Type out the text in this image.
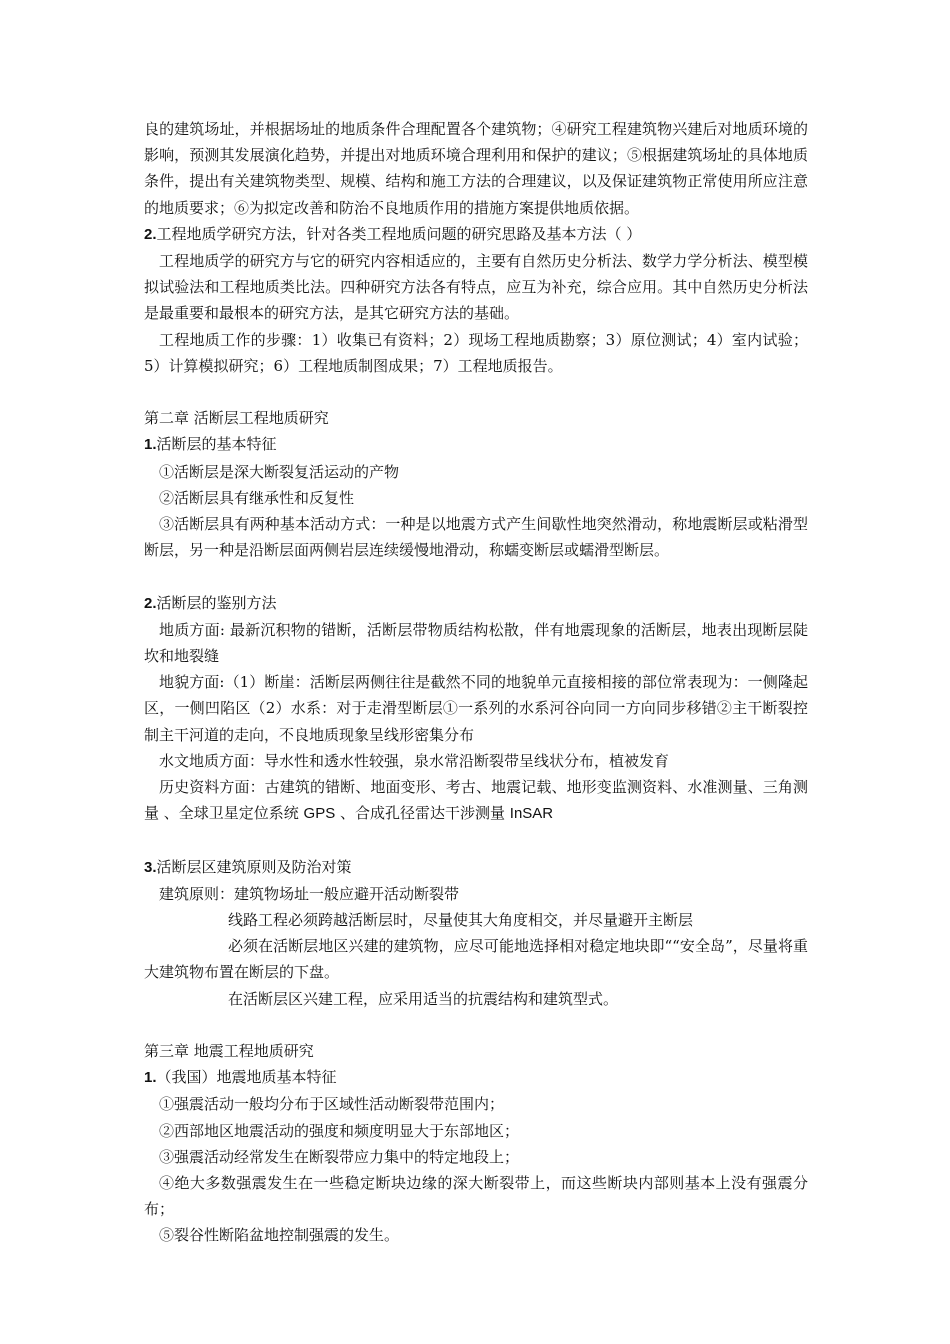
良的建筑场址，并根据场址的地质条件合理配置各个建筑物；④研究工程建筑物兴建后对地质环境的影响，预测其发展演化趋势，并提出对地质环境合理利用和保护的建议；⑤根据建筑场址的具体地质条件，提出有关建筑物类型、规模、结构和施工方法的合理建议，以及保证建筑物正常使用所应注意的地质要求；⑥为拟定改善和防治不良地质作用的措施方案提供地质依据。

2.工程地质学研究方法，针对各类工程地质问题的研究思路及基本方法（ ）

工程地质学的研究方与它的研究内容相适应的，主要有自然历史分析法、数学力学分析法、模型模拟试验法和工程地质类比法。四种研究方法各有特点，应互为补充，综合应用。其中自然历史分析法是最重要和最根本的研究方法，是其它研究方法的基础。

工程地质工作的步骤：1）收集已有资料；2）现场工程地质勘察；3）原位测试；4）室内试验；5）计算模拟研究；6）工程地质制图成果；7）工程地质报告。

第二章 活断层工程地质研究

1.活断层的基本特征

①活断层是深大断裂复活运动的产物

②活断层具有继承性和反复性

③活断层具有两种基本活动方式：一种是以地震方式产生间歇性地突然滑动，称地震断层或粘滑型断层，另一种是沿断层面两侧岩层连续缓慢地滑动，称蠕变断层或蠕滑型断层。

2.活断层的鉴别方法

地质方面: 最新沉积物的错断，活断层带物质结构松散，伴有地震现象的活断层，地表出现断层陡坎和地裂缝

地貌方面:（1）断崖：活断层两侧往往是截然不同的地貌单元直接相接的部位常表现为：一侧隆起区，一侧凹陷区（2）水系：对于走滑型断层①一系列的水系河谷向同一方向同步移错②主干断裂控制主干河道的走向，不良地质现象呈线形密集分布

水文地质方面：导水性和透水性较强，泉水常沿断裂带呈线状分布，植被发育

历史资料方面：古建筑的错断、地面变形、考古、地震记载、地形变监测资料、水准测量、三角测量 、全球卫星定位系统 GPS 、合成孔径雷达干涉测量 InSAR

3.活断层区建筑原则及防治对策

建筑原则：建筑物场址一般应避开活动断裂带

线路工程必须跨越活断层时，尽量使其大角度相交，并尽量避开主断层

必须在活断层地区兴建的建筑物，应尽可能地选择相对稳定地块即““安全岛”，尽量将重大建筑物布置在断层的下盘。

在活断层区兴建工程，应采用适当的抗震结构和建筑型式。

第三章 地震工程地质研究

1.（我国）地震地质基本特征

①强震活动一般均分布于区域性活动断裂带范围内；

②西部地区地震活动的强度和频度明显大于东部地区；

③强震活动经常发生在断裂带应力集中的特定地段上；

④绝大多数强震发生在一些稳定断块边缘的深大断裂带上，而这些断块内部则基本上没有强震分布；

⑤裂谷性断陷盆地控制强震的发生。
